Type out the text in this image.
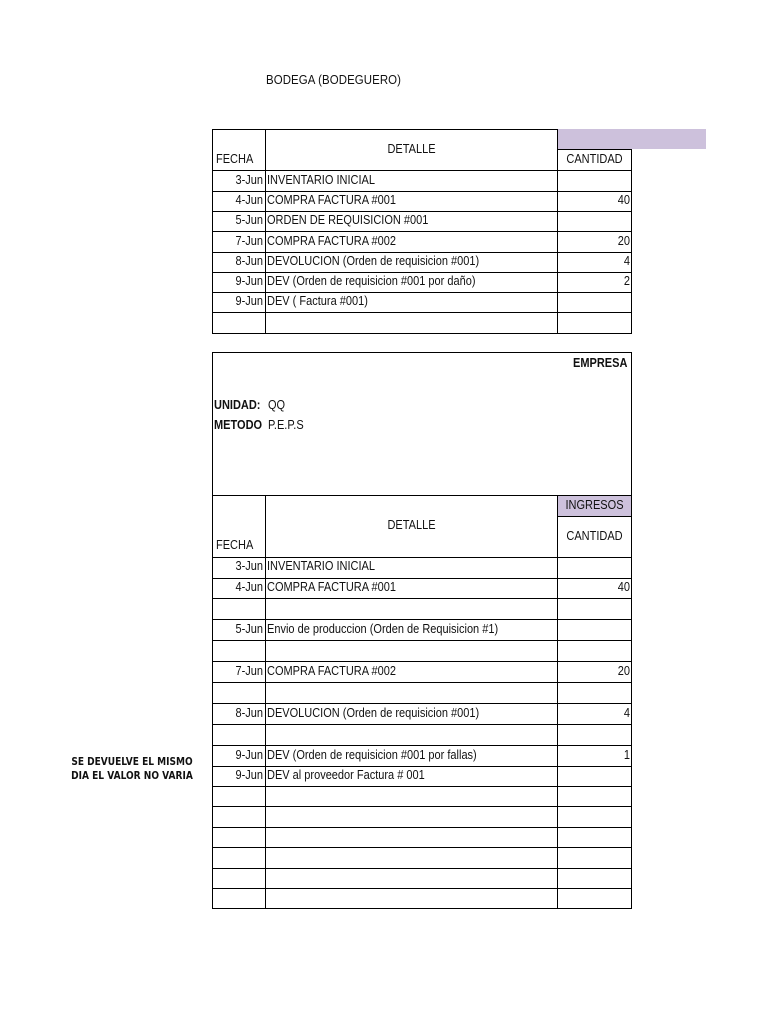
BODEGA (BODEGUERO)
FECHA
DETALLE
CANTIDAD
3-Jun INVENTARIO INICIAL
4-Jun COMPRA FACTURA #001	40
5-Jun ORDEN DE REQUISICION #001
7-Jun COMPRA FACTURA #002	20
8-Jun DEVOLUCION (Orden de requisicion #001)	4
9-Jun DEV (Orden de requisicion #001 por daño)	2
9-Jun DEV ( Factura #001)
EMPRESA
UNIDAD: QQ
METODO P.E.P.S
INGRESOS
FECHA
DETALLE
CANTIDAD
3-Jun INVENTARIO INICIAL
4-Jun COMPRA FACTURA #001	40
5-Jun Envio de produccion (Orden de Requisicion #1)
7-Jun COMPRA FACTURA #002	20
8-Jun DEVOLUCION (Orden de requisicion #001)	4
9-Jun DEV (Orden de requisicion #001 por fallas)	1
9-Jun DEV al proveedor Factura # 001
SE DEVUELVE EL MISMO
DIA EL VALOR NO VARIA
